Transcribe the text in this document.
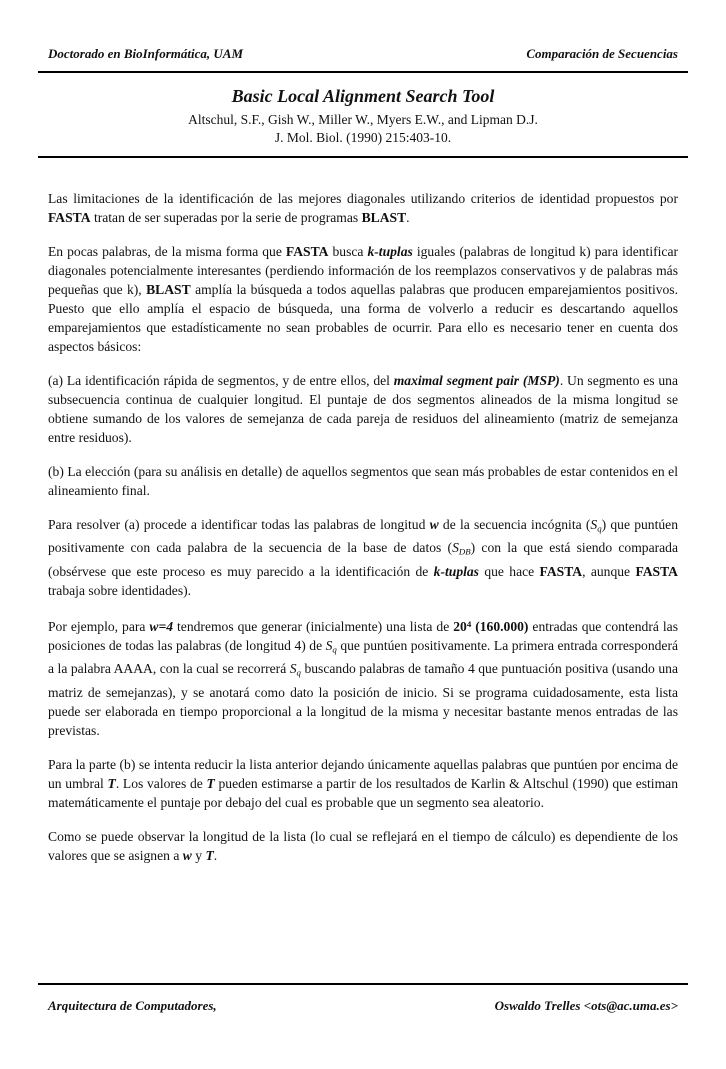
Doctorado en BioInformática, UAM	Comparación de Secuencias
Basic Local Alignment Search Tool
Altschul, S.F., Gish W., Miller W., Myers E.W., and Lipman D.J.
J. Mol. Biol. (1990) 215:403-10.

Las limitaciones de la identificación de las mejores diagonales utilizando criterios de identidad propuestos por FASTA tratan de ser superadas por la serie de programas BLAST.

En pocas palabras, de la misma forma que FASTA busca k-tuplas iguales (palabras de longitud k) para identificar diagonales potencialmente interesantes (perdiendo información de los reemplazos conservativos y de palabras más pequeñas que k), BLAST amplía la búsqueda a todos aquellas palabras que producen emparejamientos positivos. Puesto que ello amplía el espacio de búsqueda, una forma de volverlo a reducir es descartando aquellos emparejamientos que estadísticamente no sean probables de ocurrir. Para ello es necesario tener en cuenta dos aspectos básicos:

(a) La identificación rápida de segmentos, y de entre ellos, del maximal segment pair (MSP). Un segmento es una subsecuencia continua de cualquier longitud. El puntaje de dos segmentos alineados de la misma longitud se obtiene sumando de los valores de semejanza de cada pareja de residuos del alineamiento (matriz de semejanza entre residuos).

(b) La elección (para su análisis en detalle) de aquellos segmentos que sean más probables de estar contenidos en el alineamiento final.

Para resolver (a) procede a identificar todas las palabras de longitud w de la secuencia incógnita (Sq) que puntúen positivamente con cada palabra de la secuencia de la base de datos (SDB) con la que está siendo comparada (obsérvese que este proceso es muy parecido a la identificación de k-tuplas que hace FASTA, aunque FASTA trabaja sobre identidades).

Por ejemplo, para w=4 tendremos que generar (inicialmente) una lista de $20^4$ (160.000) entradas que contendrá las posiciones de todas las palabras (de longitud 4) de Sq que puntúen positivamente. La primera entrada corresponderá a la palabra AAAA, con la cual se recorrerá Sq buscando palabras de tamaño 4 que puntuación positiva (usando una matriz de semejanzas), y se anotará como dato la posición de inicio. Si se programa cuidadosamente, esta lista puede ser elaborada en tiempo proporcional a la longitud de la misma y necesitar bastante menos entradas de las previstas.

Para la parte (b) se intenta reducir la lista anterior dejando únicamente aquellas palabras que puntúen por encima de un umbral T. Los valores de T pueden estimarse a partir de los resultados de Karlin & Altschul (1990) que estiman matemáticamente el puntaje por debajo del cual es probable que un segmento sea aleatorio.

Como se puede observar la longitud de la lista (lo cual se reflejará en el tiempo de cálculo) es dependiente de los valores que se asignen a w y T.

Arquitectura de Computadores,	Oswaldo Trelles <ots@ac.uma.es>
